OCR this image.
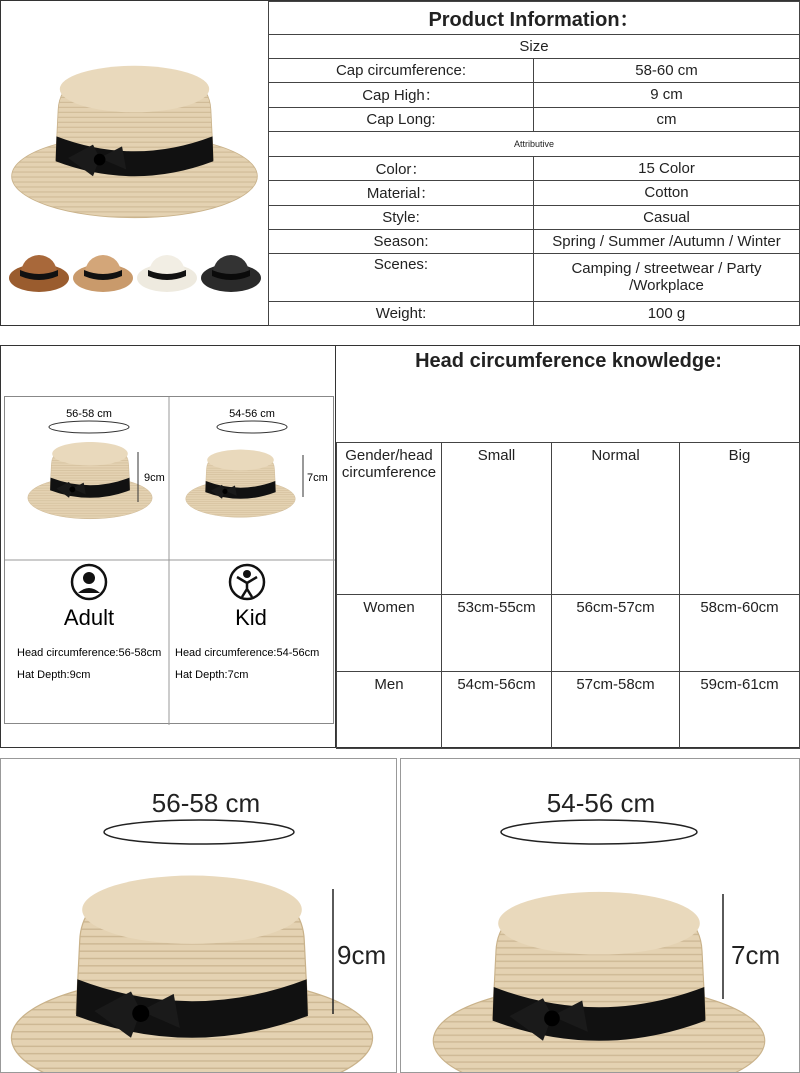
Product Information：	
Size	
Cap circumference:	58-60 cm
Cap High：	9 cm
Cap Long:	cm
Attributive	
Color：	15 Color
Material：	Cotton
Style:	Casual
Season:	Spring / Summer /Autumn / Winter
Scenes:	Camping / streetwear / Party /Workplace
Weight:	100 g
56-58 cm
9cm
54-56 cm
7cm
Adult
Head circumference:56-58cm
Hat Depth:9cm
Kid
Head circumference:54-56cm
Hat Depth:7cm
Head circumference knowledge:
Gender/head circumference	Small	Normal	Big
Women	53cm-55cm	56cm-57cm	58cm-60cm
Men	54cm-56cm	57cm-58cm	59cm-61cm
56-58 cm
9cm
54-56 cm
7cm
